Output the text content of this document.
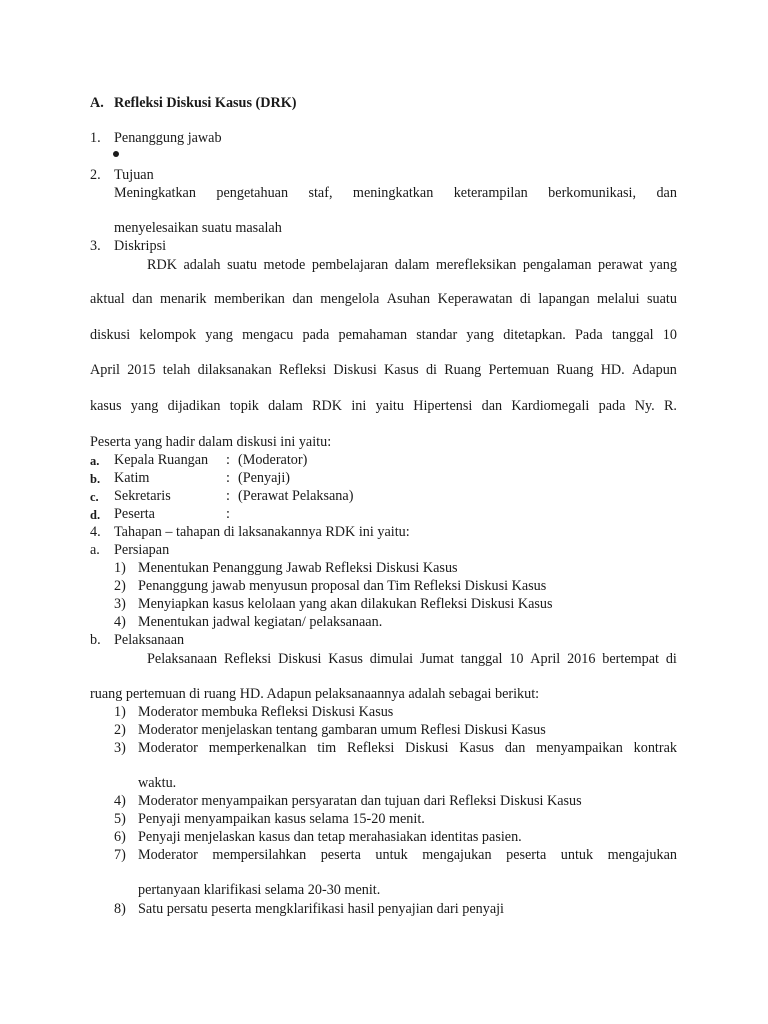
A. Refleksi Diskusi Kasus (DRK)
1. Penanggung jawab
2. Tujuan
Meningkatkan pengetahuan staf, meningkatkan keterampilan berkomunikasi, dan
menyelesaikan suatu masalah
3. Diskripsi
RDK adalah suatu metode pembelajaran dalam merefleksikan pengalaman perawat yang
aktual dan menarik memberikan dan mengelola Asuhan Keperawatan di lapangan melalui suatu
diskusi kelompok yang mengacu pada pemahaman standar yang ditetapkan. Pada tanggal 10
April 2015 telah dilaksanakan Refleksi Diskusi Kasus di Ruang Pertemuan Ruang HD. Adapun
kasus yang dijadikan topik dalam RDK ini yaitu Hipertensi dan Kardiomegali pada Ny. R.
Peserta yang hadir dalam diskusi ini yaitu:
a. Kepala Ruangan : (Moderator)
b. Katim	: (Penyaji)
c. Sekretaris	: (Perawat Pelaksana)
d. Peserta	:
4. Tahapan – tahapan di laksanakannya RDK ini yaitu:
a. Persiapan
1) Menentukan Penanggung Jawab Refleksi Diskusi Kasus
2) Penanggung jawab menyusun proposal dan Tim Refleksi Diskusi Kasus
3) Menyiapkan kasus kelolaan yang akan dilakukan Refleksi Diskusi Kasus
4) Menentukan jadwal kegiatan/ pelaksanaan.
b. Pelaksanaan
Pelaksanaan Refleksi Diskusi Kasus dimulai Jumat tanggal 10 April 2016 bertempat di
ruang pertemuan di ruang HD. Adapun pelaksanaannya adalah sebagai berikut:
1) Moderator membuka Refleksi Diskusi Kasus
2) Moderator menjelaskan tentang gambaran umum Reflesi Diskusi Kasus
3) Moderator memperkenalkan tim Refleksi Diskusi Kasus dan menyampaikan kontrak
waktu.
4) Moderator menyampaikan persyaratan dan tujuan dari Refleksi Diskusi Kasus
5) Penyaji menyampaikan kasus selama 15-20 menit.
6) Penyaji menjelaskan kasus dan tetap merahasiakan identitas pasien.
7) Moderator mempersilahkan peserta untuk mengajukan peserta untuk mengajukan
pertanyaan klarifikasi selama 20-30 menit.
8) Satu persatu peserta mengklarifikasi hasil penyajian dari penyaji
